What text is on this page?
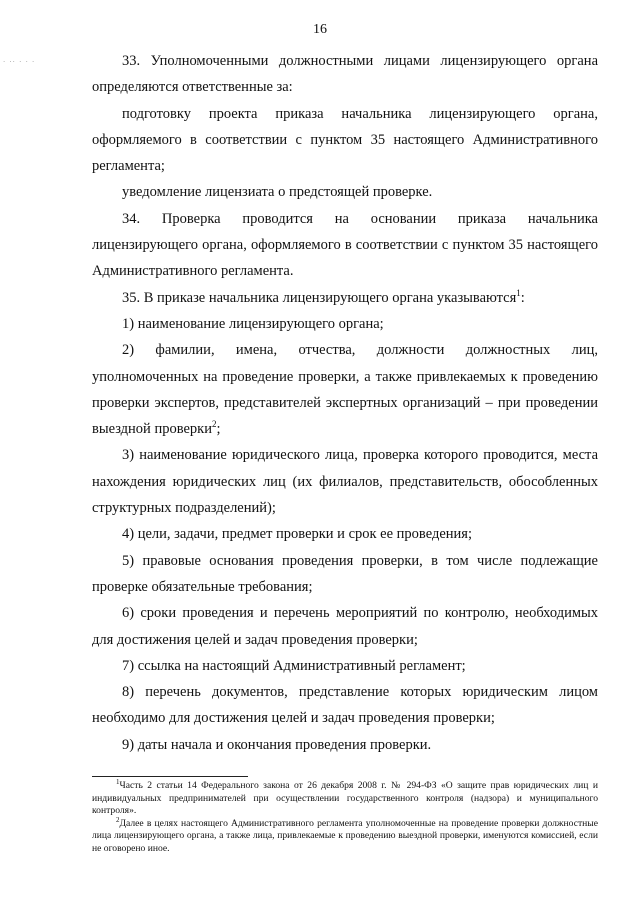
· ·· · · ·
16

33. Уполномоченными должностными лицами лицензирующего органа определяются ответственные за:

подготовку проекта приказа начальника лицензирующего органа, оформляемого в соответствии с пунктом 35 настоящего Административного регламента;

уведомление лицензиата о предстоящей проверке.

34. Проверка проводится на основании приказа начальника лицензирующего органа, оформляемого в соответствии с пунктом 35 настоящего Административного регламента.

35. В приказе начальника лицензирующего органа указываются$^1$:

1) наименование лицензирующего органа;

2) фамилии, имена, отчества, должности должностных лиц, уполномоченных на проведение проверки, а также привлекаемых к проведению проверки экспертов, представителей экспертных организаций – при проведении выездной проверки$^2$;

3) наименование юридического лица, проверка которого проводится, места нахождения юридических лиц (их филиалов, представительств, обособленных структурных подразделений);

4) цели, задачи, предмет проверки и срок ее проведения;

5) правовые основания проведения проверки, в том числе подлежащие проверке обязательные требования;

6) сроки проведения и перечень мероприятий по контролю, необходимых для достижения целей и задач проведения проверки;

7) ссылка на настоящий Административный регламент;

8) перечень документов, представление которых юридическим лицом необходимо для достижения целей и задач проведения проверки;

9) даты начала и окончания проведения проверки.

$^1$Часть 2 статьи 14 Федерального закона от 26 декабря 2008 г. № 294-ФЗ «О защите прав юридических лиц и индивидуальных предпринимателей при осуществлении государственного контроля (надзора) и муниципального контроля».

$^2$Далее в целях настоящего Административного регламента уполномоченные на проведение проверки должностные лица лицензирующего органа, а также лица, привлекаемые к проведению выездной проверки, именуются комиссией, если не оговорено иное.
